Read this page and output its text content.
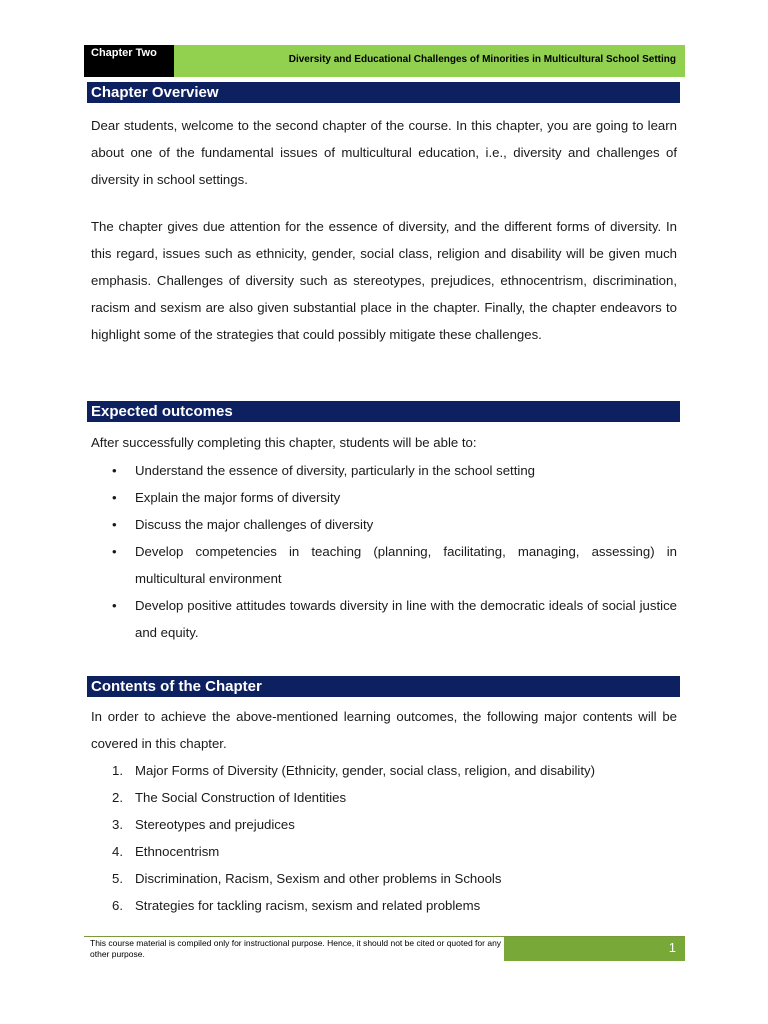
Chapter Two
Diversity and Educational Challenges of Minorities in Multicultural School Setting
Chapter Overview
Dear students, welcome to the second chapter of the course. In this chapter, you are going to learn about one of the fundamental issues of multicultural education, i.e., diversity and challenges of diversity in school settings.
The chapter gives due attention for the essence of diversity, and the different forms of diversity. In this regard, issues such as ethnicity, gender, social class, religion and disability will be given much emphasis. Challenges of diversity such as stereotypes, prejudices, ethnocentrism, discrimination, racism and sexism are also given substantial place in the chapter. Finally, the chapter endeavors to highlight some of the strategies that could possibly mitigate these challenges.
Expected outcomes
After successfully completing this chapter, students will be able to:
• Understand the essence of diversity, particularly in the school setting
• Explain the major forms of diversity
• Discuss the major challenges of diversity
• Develop competencies in teaching (planning, facilitating, managing, assessing) in multicultural environment
• Develop positive attitudes towards diversity in line with the democratic ideals of social justice and equity.
Contents of the Chapter
In order to achieve the above-mentioned learning outcomes, the following major contents will be covered in this chapter.
1. Major Forms of Diversity (Ethnicity, gender, social class, religion, and disability)
2. The Social Construction of Identities
3. Stereotypes and prejudices
4. Ethnocentrism
5. Discrimination, Racism, Sexism and other problems in Schools
6. Strategies for tackling racism, sexism and related problems
This course material is compiled only for instructional purpose. Hence, it should not be cited or quoted for any other purpose.	1
